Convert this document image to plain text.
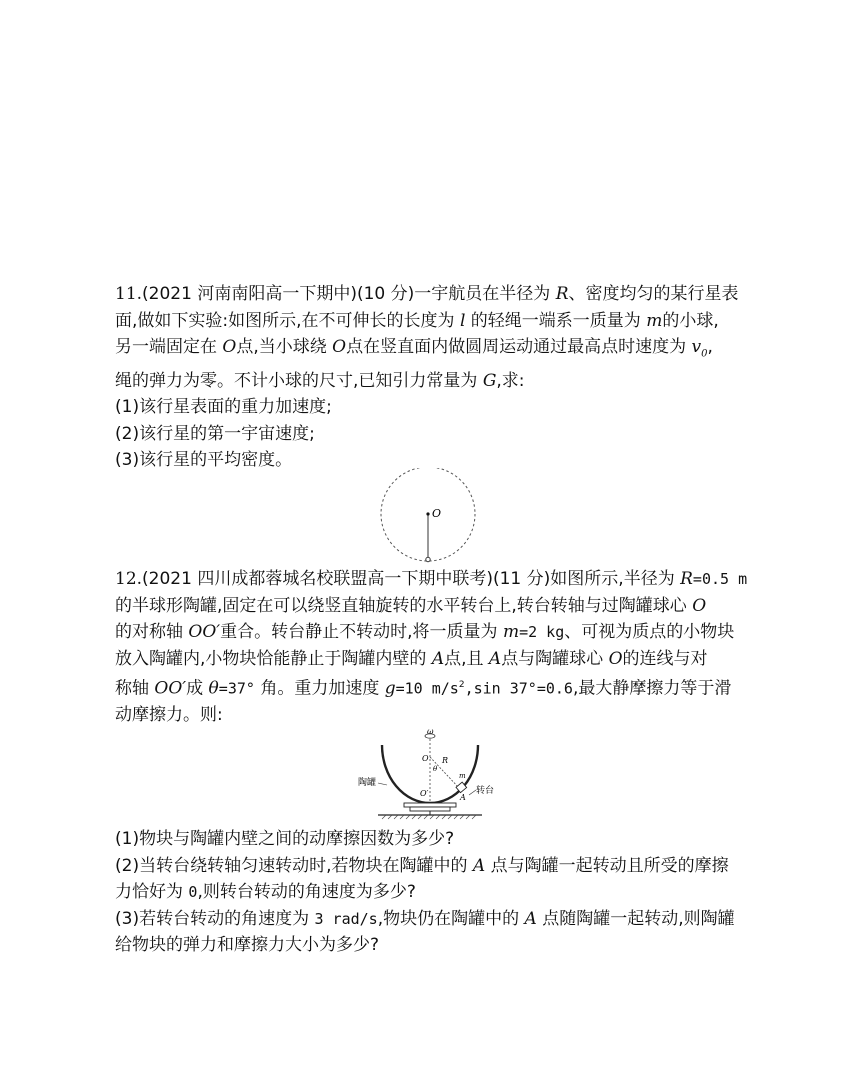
11.(2021 河南南阳高一下期中)(10 分)一宇航员在半径为 R、密度均匀的某行星表

面,做如下实验:如图所示,在不可伸长的长度为 l 的轻绳一端系一质量为 m的小球,

另一端固定在 O点,当小球绕 O点在竖直面内做圆周运动通过最高点时速度为 $v_0$,

绳的弹力为零。不计小球的尺寸,已知引力常量为 G,求:

(1)该行星表面的重力加速度;

(2)该行星的第一宇宙速度;

(3)该行星的平均密度。

O

12.(2021 四川成都蓉城名校联盟高一下期中联考)(11 分)如图所示,半径为 R=0.5 m

的半球形陶罐,固定在可以绕竖直轴旋转的水平转台上,转台转轴与过陶罐球心 O

的对称轴 OO′重合。转台静止不转动时,将一质量为 m=2 kg、可视为质点的小物块

放入陶罐内,小物块恰能静止于陶罐内壁的 A点,且 A点与陶罐球心 O的连线与对

称轴 OO′成 θ=37° 角。重力加速度 g=10 $m/s^2,\sin$ 37°=0.6,最大静摩擦力等于滑

动摩擦力。则:

ω
O R
θ
m
A
O′
陶罐
转台

(1)物块与陶罐内壁之间的动摩擦因数为多少?

(2)当转台绕转轴匀速转动时,若物块在陶罐中的 A 点与陶罐一起转动且所受的摩擦

力恰好为 0,则转台转动的角速度为多少?

(3)若转台转动的角速度为 3 rad/s,物块仍在陶罐中的 A 点随陶罐一起转动,则陶罐

给物块的弹力和摩擦力大小为多少?
